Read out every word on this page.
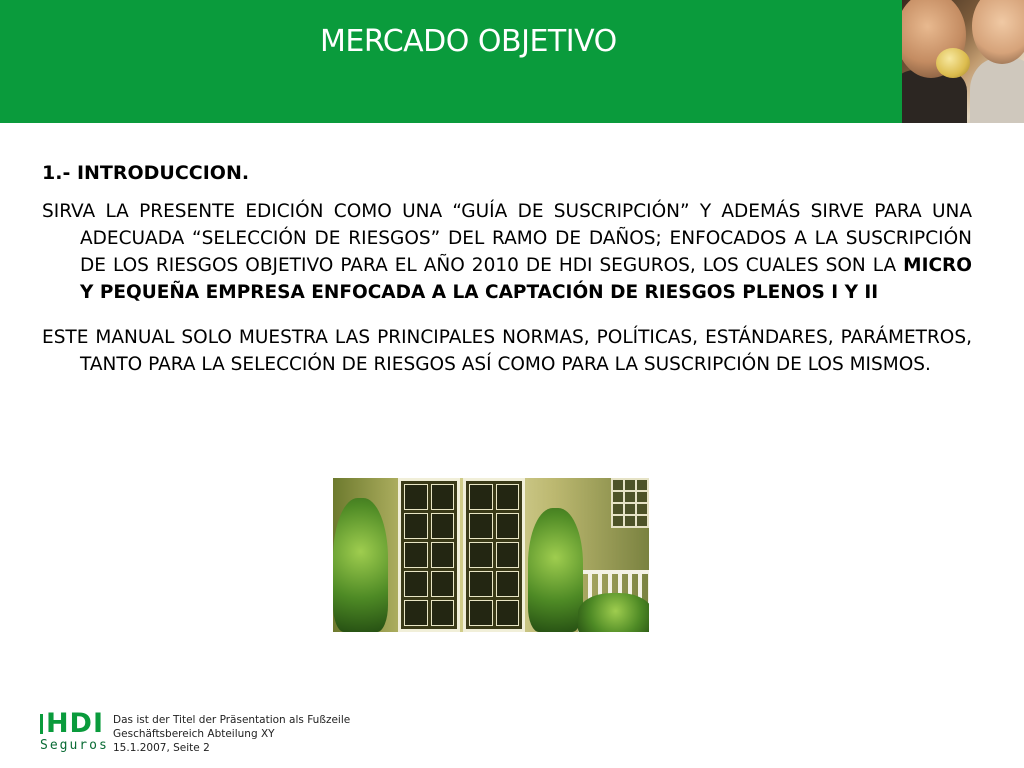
MERCADO OBJETIVO

1.- INTRODUCCION.

SIRVA LA PRESENTE EDICIÓN COMO UNA “GUÍA DE SUSCRIPCIÓN” Y ADEMÁS SIRVE PARA UNA ADECUADA “SELECCIÓN DE RIESGOS” DEL RAMO DE DAÑOS; ENFOCADOS A LA SUSCRIPCIÓN DE LOS RIESGOS OBJETIVO PARA EL AÑO 2010 DE HDI SEGUROS, LOS CUALES SON LA MICRO Y PEQUEÑA EMPRESA ENFOCADA A LA CAPTACIÓN DE RIESGOS PLENOS I Y II

ESTE MANUAL SOLO MUESTRA LAS PRINCIPALES NORMAS, POLÍTICAS, ESTÁNDARES, PARÁMETROS, TANTO PARA LA SELECCIÓN DE RIESGOS ASÍ COMO PARA LA SUSCRIPCIÓN DE LOS MISMOS.

HDI
Seguros
Das ist der Titel der Präsentation als Fußzeile
Geschäftsbereich Abteilung XY
15.1.2007, Seite 2
